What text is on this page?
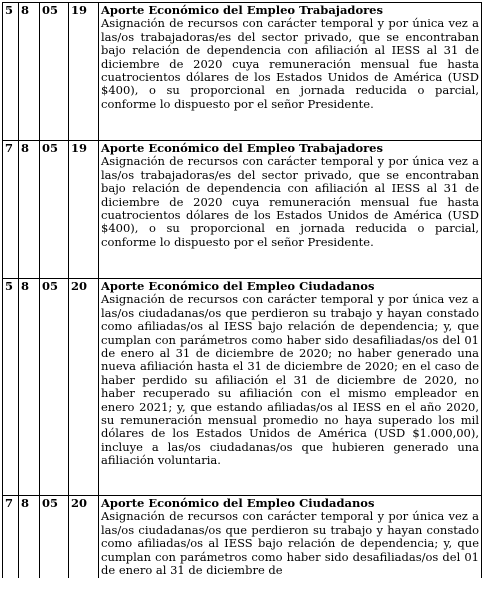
5	8	05	19	Aporte Económico del Empleo Trabajadores
Asignación de recursos con carácter temporal y por única vez a las/os trabajadoras/es del sector privado, que se encontraban bajo relación de dependencia con afiliación al IESS al 31 de diciembre de 2020 cuya remuneración mensual fue hasta cuatrocientos dólares de los Estados Unidos de América (USD $400), o su proporcional en jornada reducida o parcial, conforme lo dispuesto por el señor Presidente.

7	8	05	19	Aporte Económico del Empleo Trabajadores
Asignación de recursos con carácter temporal y por única vez a las/os trabajadoras/es del sector privado, que se encontraban bajo relación de dependencia con afiliación al IESS al 31 de diciembre de 2020 cuya remuneración mensual fue hasta cuatrocientos dólares de los Estados Unidos de América (USD $400), o su proporcional en jornada reducida o parcial, conforme lo dispuesto por el señor Presidente.

5	8	05	20	Aporte Económico del Empleo Ciudadanos
Asignación de recursos con carácter temporal y por única vez a las/os ciudadanas/os que perdieron su trabajo y hayan constado como afiliadas/os al IESS bajo relación de dependencia; y, que cumplan con parámetros como haber sido desafiliadas/os del 01 de enero al 31 de diciembre de 2020; no haber generado una nueva afiliación hasta el 31 de diciembre de 2020; en el caso de haber perdido su afiliación el 31 de diciembre de 2020, no haber recuperado su afiliación con el mismo empleador en enero 2021; y, que estando afiliadas/os al IESS en el año 2020, su remuneración mensual promedio no haya superado los mil dólares de los Estados Unidos de América (USD $1.000,00), incluye a las/os ciudadanas/os que hubieren generado una afiliación voluntaria.

7	8	05	20	Aporte Económico del Empleo Ciudadanos
Asignación de recursos con carácter temporal y por única vez a las/os ciudadanas/os que perdieron su trabajo y hayan constado como afiliadas/os al IESS bajo relación de dependencia; y, que cumplan con parámetros como haber sido desafiliadas/os del 01 de enero al 31 de diciembre de
